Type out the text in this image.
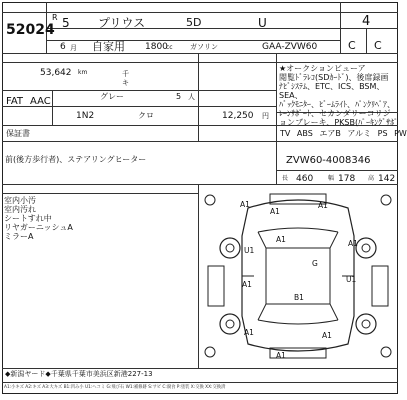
52024
R 5
6 月
プリウス	5D	U
自家用 1800
cc ガソリン	GAA-ZVW60
4
C C
53,642 km	千
キ
FAT AAC	グレー	5 人
1N2	クロ	12,250 円
保証書
★オークションビューア
閲覧ﾄﾞﾗﾚｺ(SDｶｰﾄﾞ)、後席録画
ﾅﾋﾞｼｽﾃﾑ、ETC、ICS、BSM、SEA、
ﾊﾞｯｸﾓﾆﾀｰ、ﾋﾞｰﾑﾗｲﾄ、ﾊﾟﾝｸﾘﾍﾟｱ、
ﾚｰﾝｻﾎﾟｰﾄ、セカンダリーコリジ
ョンブレーキ、PKSB(ﾊﾟｰｷﾝｸﾞｻﾎﾟ
TV ABS エアB アルミ PS PW
前(後方歩行者)、ステアリングヒーター	ZVW60-4008346
長 460 幅 178 高 142
室内小汚
室内汚れ
シートすれ中
リヤガーニッシュA
ミラーA
A1
A1
A1
U1
A1	A1
A1
G
U1
B1
A1	A1
A1
◆新潟ヤード◆千葉県千葉市美浜区新港227-13
A1:小キズ A2:キズ A3:大キズ B1:凹み小 U1:ヘコミ G:飛び石 W1:補修跡 S:サビ C:腐食 P:塗装 X:交換 XX:交換済
